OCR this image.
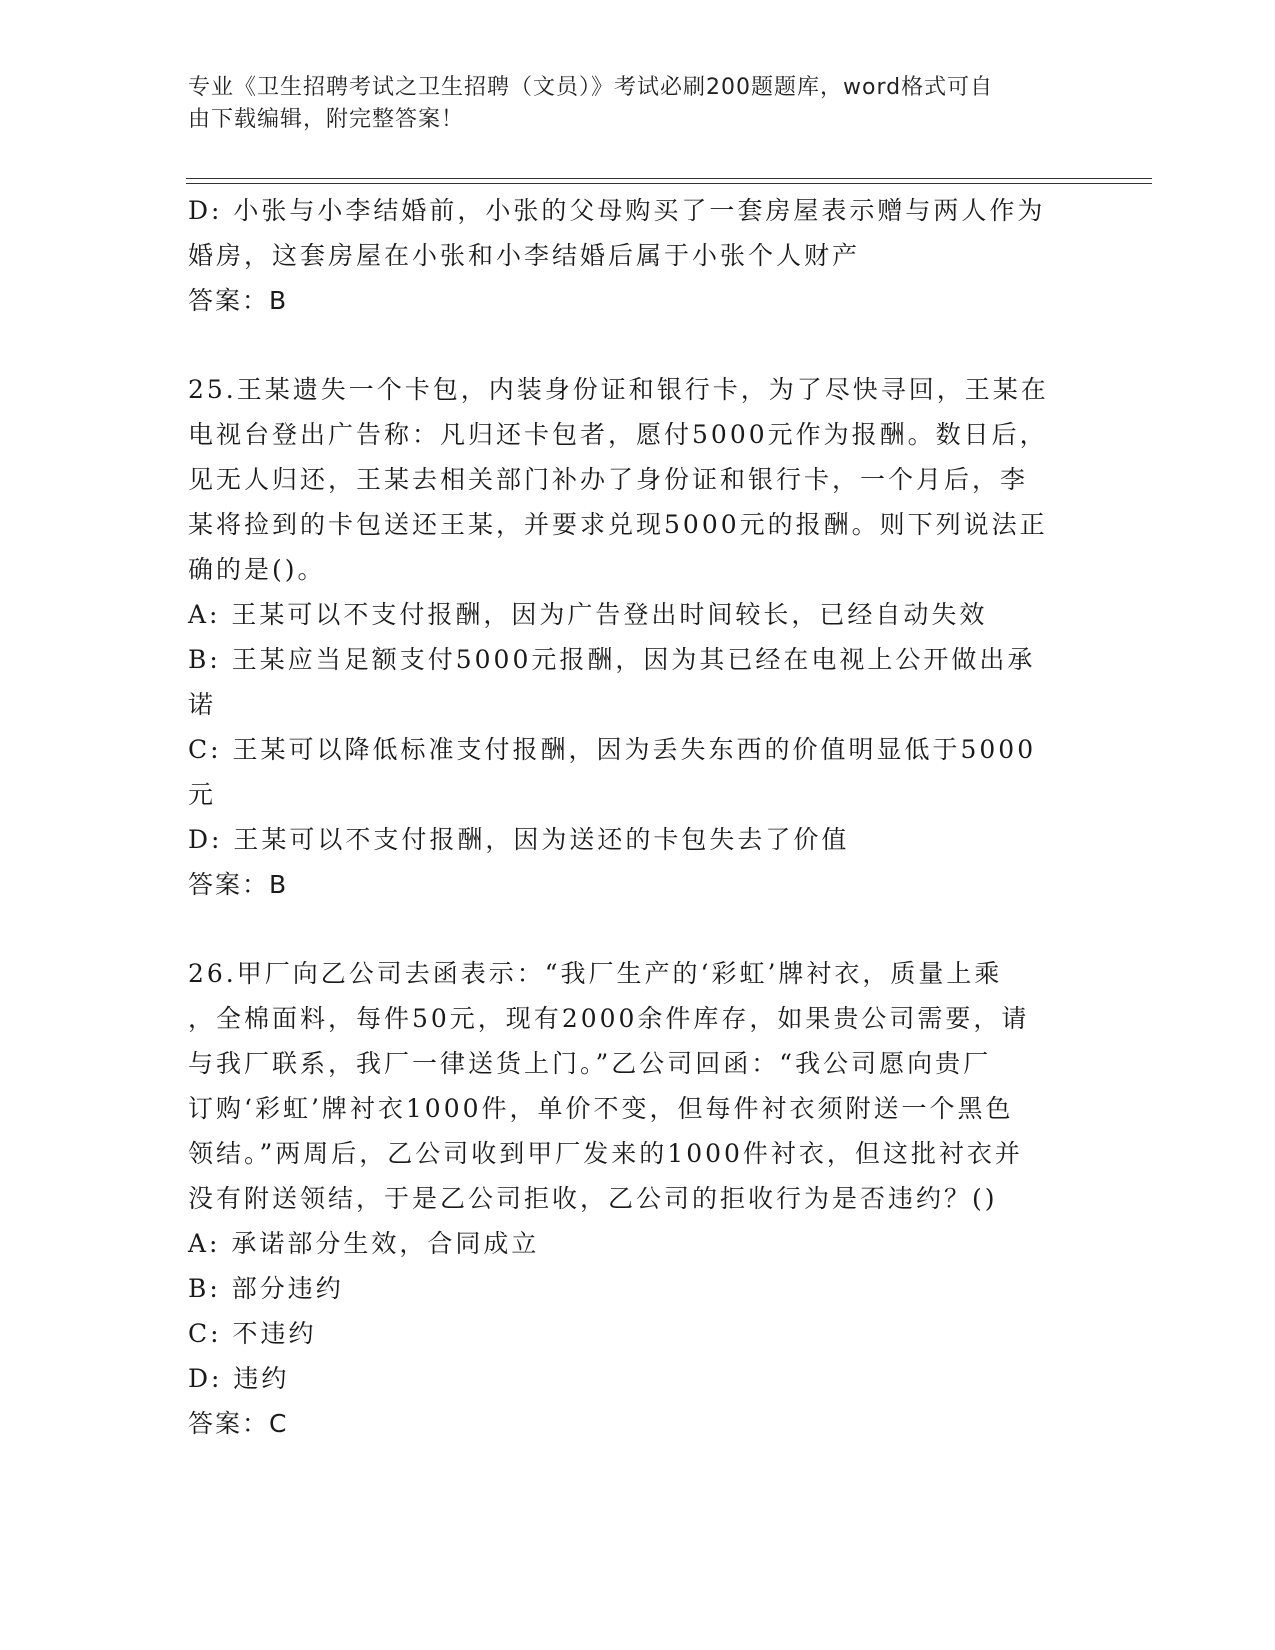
专业《卫生招聘考试之卫生招聘（文员）》考试必刷200题题库，word格式可自
由下载编辑，附完整答案！
D: 小张与小李结婚前，小张的父母购买了一套房屋表示赠与两人作为
婚房，这套房屋在小张和小李结婚后属于小张个人财产
答案：B
25.王某遗失一个卡包，内装身份证和银行卡，为了尽快寻回，王某在
电视台登出广告称：凡归还卡包者，愿付5000元作为报酬。数日后，
见无人归还，王某去相关部门补办了身份证和银行卡，一个月后，李
某将捡到的卡包送还王某，并要求兑现5000元的报酬。则下列说法正
确的是()。
A: 王某可以不支付报酬，因为广告登出时间较长，已经自动失效
B: 王某应当足额支付5000元报酬，因为其已经在电视上公开做出承
诺
C: 王某可以降低标准支付报酬，因为丢失东西的价值明显低于5000
元
D: 王某可以不支付报酬，因为送还的卡包失去了价值
答案：B
26.甲厂向乙公司去函表示：“我厂生产的‘彩虹’牌衬衣，质量上乘
，全棉面料，每件50元，现有2000余件库存，如果贵公司需要，请
与我厂联系，我厂一律送货上门。”乙公司回函：“我公司愿向贵厂
订购‘彩虹’牌衬衣1000件，单价不变，但每件衬衣须附送一个黑色
领结。”两周后，乙公司收到甲厂发来的1000件衬衣，但这批衬衣并
没有附送领结，于是乙公司拒收，乙公司的拒收行为是否违约？()
A: 承诺部分生效，合同成立
B: 部分违约
C: 不违约
D: 违约
答案：C
